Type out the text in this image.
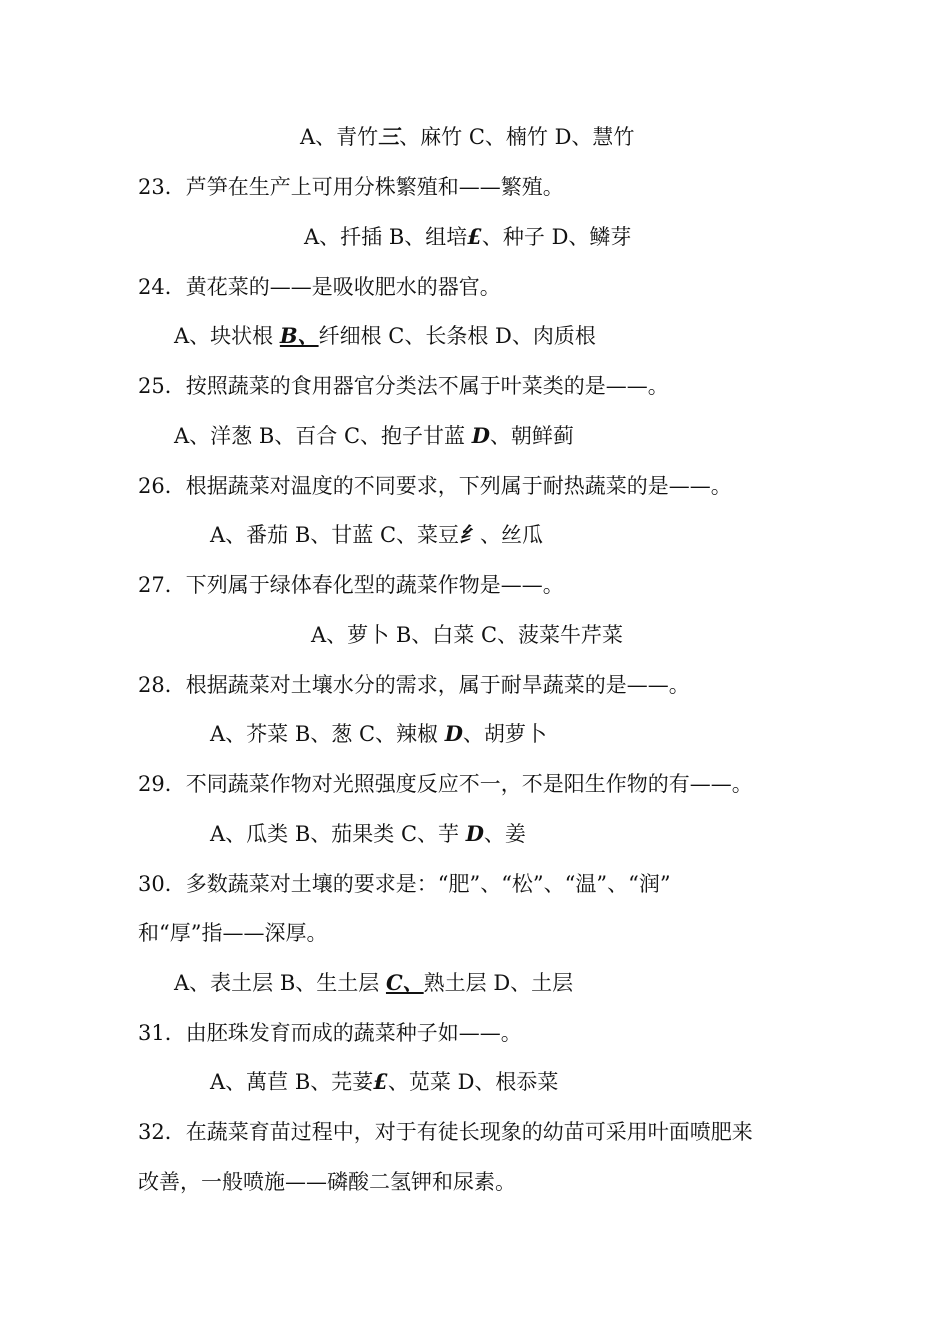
A、青竹三、麻竹 C、楠竹 D、慧竹
23．芦笋在生产上可用分株繁殖和——繁殖。
A、扦插 B、组培£、种子 D、鳞芽
24．黄花菜的——是吸收肥水的器官。
A、块状根 B、纤细根 C、长条根 D、肉质根
25．按照蔬菜的食用器官分类法不属于叶菜类的是——。
A、洋葱 B、百合 C、抱子甘蓝 D、朝鲜蓟
26．根据蔬菜对温度的不同要求，下列属于耐热蔬菜的是——。
A、番茄 B、甘蓝 C、菜豆纟、丝瓜
27．下列属于绿体春化型的蔬菜作物是——。
A、萝卜 B、白菜 C、菠菜牛芹菜
28．根据蔬菜对土壤水分的需求，属于耐旱蔬菜的是——。
A、芥菜 B、葱 C、辣椒 D、胡萝卜
29．不同蔬菜作物对光照强度反应不一，不是阳生作物的有——。
A、瓜类 B、茄果类 C、芋 D、姜
30．多数蔬菜对土壤的要求是：“肥”、“松”、“温”、“润”
和“厚”指——深厚。
A、表土层 B、生土层 C、熟土层 D、土层
31．由胚珠发育而成的蔬菜种子如——。
A、萬苣 B、芫荽£、苋菜 D、根忝菜
32．在蔬菜育苗过程中，对于有徒长现象的幼苗可采用叶面喷肥来
改善，一般喷施——磷酸二氢钾和尿素。
